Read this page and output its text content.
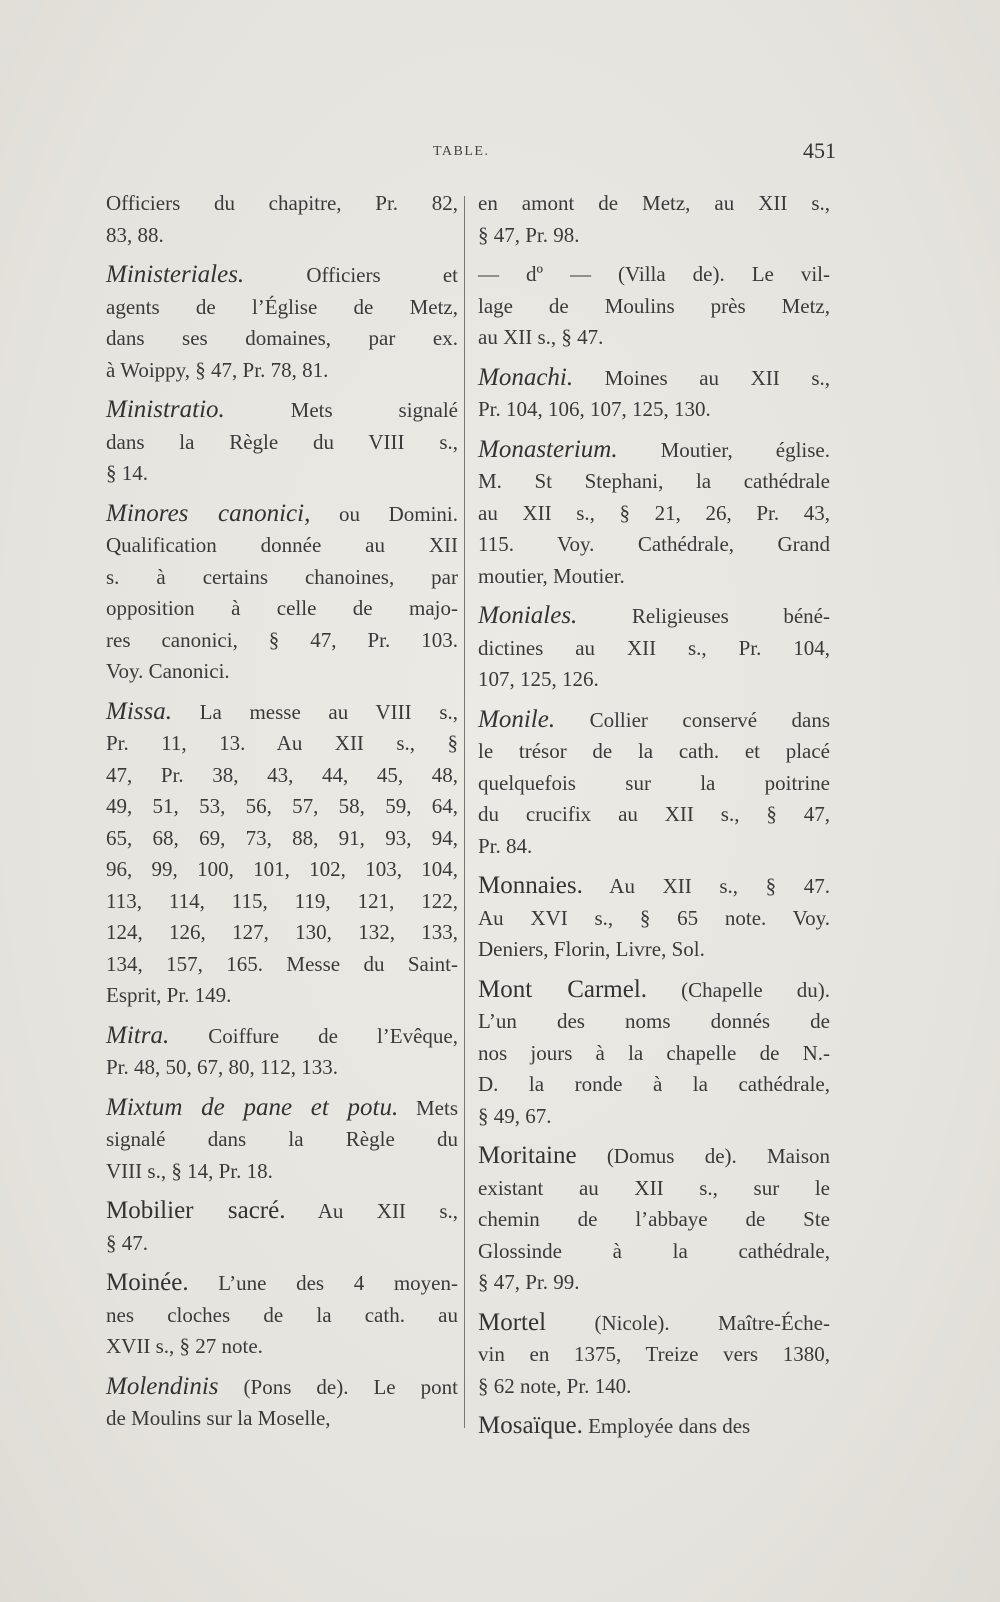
TABLE.	451
Officiers du chapitre, Pr. 82,
83, 88.
Ministeriales. Officiers et
agents de l’Église de Metz,
dans ses domaines, par ex.
à Woippy, § 47, Pr. 78, 81.
Ministratio. Mets signalé
dans la Règle du VIII s.,
§ 14.
Minores canonici, ou Domini.
Qualification donnée au XII
s. à certains chanoines, par
opposition à celle de majo-
res canonici, § 47, Pr. 103.
Voy. Canonici.
Missa. La messe au VIII s.,
Pr. 11, 13. Au XII s., §
47, Pr. 38, 43, 44, 45, 48,
49, 51, 53, 56, 57, 58, 59, 64,
65, 68, 69, 73, 88, 91, 93, 94,
96, 99, 100, 101, 102, 103, 104,
113, 114, 115, 119, 121, 122,
124, 126, 127, 130, 132, 133,
134, 157, 165. Messe du Saint-
Esprit, Pr. 149.
Mitra. Coiffure de l’Evêque,
Pr. 48, 50, 67, 80, 112, 133.
Mixtum de pane et potu. Mets
signalé dans la Règle du
VIII s., § 14, Pr. 18.
Mobilier sacré. Au XII s.,
§ 47.
Moinée. L’une des 4 moyen-
nes cloches de la cath. au
XVII s., § 27 note.
Molendinis (Pons de). Le pont
de Moulins sur la Moselle,
en amont de Metz, au XII s.,
§ 47, Pr. 98.
— dº — (Villa de). Le vil-
lage de Moulins près Metz,
au XII s., § 47.
Monachi. Moines au XII s.,
Pr. 104, 106, 107, 125, 130.
Monasterium. Moutier, église.
M. St Stephani, la cathédrale
au XII s., § 21, 26, Pr. 43,
115. Voy. Cathédrale, Grand
moutier, Moutier.
Moniales. Religieuses béné-
dictines au XII s., Pr. 104,
107, 125, 126.
Monile. Collier conservé dans
le trésor de la cath. et placé
quelquefois sur la poitrine
du crucifix au XII s., § 47,
Pr. 84.
Monnaies. Au XII s., § 47.
Au XVI s., § 65 note. Voy.
Deniers, Florin, Livre, Sol.
Mont Carmel. (Chapelle du).
L’un des noms donnés de
nos jours à la chapelle de N.-
D. la ronde à la cathédrale,
§ 49, 67.
Moritaine (Domus de). Maison
existant au XII s., sur le
chemin de l’abbaye de Ste
Glossinde à la cathédrale,
§ 47, Pr. 99.
Mortel (Nicole). Maître-Éche-
vin en 1375, Treize vers 1380,
§ 62 note, Pr. 140.
Mosaïque. Employée dans des
